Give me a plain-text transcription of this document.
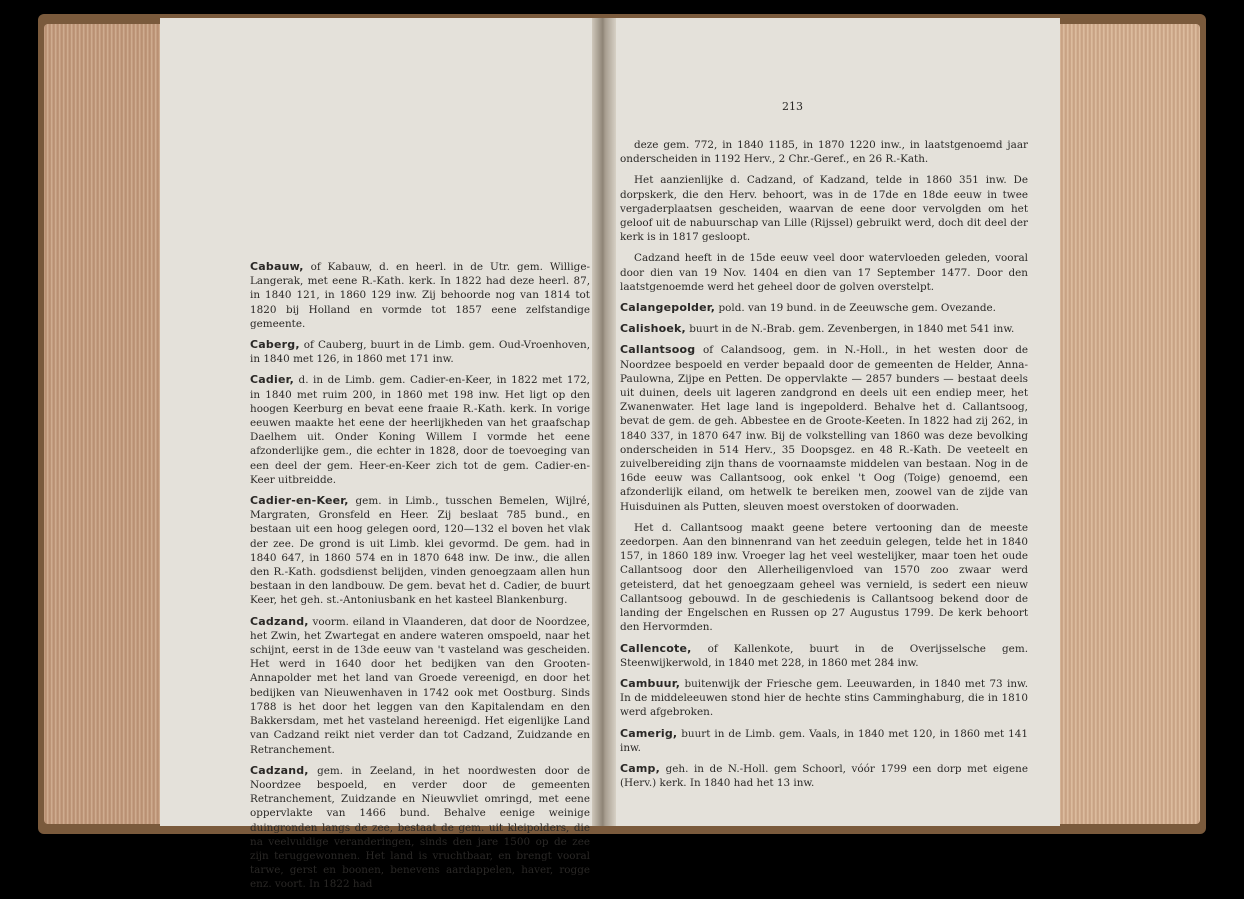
Cabauw, of Kabauw, d. en heerl. in de Utr. gem. Willige-Langerak, met eene R.-Kath. kerk. In 1822 had deze heerl. 87, in 1840 121, in 1860 129 inw. Zij behoorde nog van 1814 tot 1820 bij Holland en vormde tot 1857 eene zelfstandige gemeente.

Caberg, of Cauberg, buurt in de Limb. gem. Oud-Vroenhoven, in 1840 met 126, in 1860 met 171 inw.

Cadier, d. in de Limb. gem. Cadier-en-Keer, in 1822 met 172, in 1840 met ruim 200, in 1860 met 198 inw. Het ligt op den hoogen Keerburg en bevat eene fraaie R.-Kath. kerk. In vorige eeuwen maakte het eene der heerlijkheden van het graafschap Daelhem uit. Onder Koning Willem I vormde het eene afzonderlijke gem., die echter in 1828, door de toevoeging van een deel der gem. Heer-en-Keer zich tot de gem. Cadier-en-Keer uitbreidde.

Cadier-en-Keer, gem. in Limb., tusschen Bemelen, Wijlré, Margraten, Gronsfeld en Heer. Zij beslaat 785 bund., en bestaan uit een hoog gelegen oord, 120—132 el boven het vlak der zee. De grond is uit Limb. klei gevormd. De gem. had in 1840 647, in 1860 574 en in 1870 648 inw. De inw., die allen den R.-Kath. godsdienst belijden, vinden genoegzaam allen hun bestaan in den landbouw. De gem. bevat het d. Cadier, de buurt Keer, het geh. st.-Antoniusbank en het kasteel Blankenburg.

Cadzand, voorm. eiland in Vlaanderen, dat door de Noordzee, het Zwin, het Zwartegat en andere wateren omspoeld, naar het schijnt, eerst in de 13de eeuw van 't vasteland was gescheiden. Het werd in 1640 door het bedijken van den Grooten-Annapolder met het land van Groede vereenigd, en door het bedijken van Nieuwenhaven in 1742 ook met Oostburg. Sinds 1788 is het door het leggen van den Kapitalendam en den Bakkersdam, met het vasteland hereenigd. Het eigenlijke Land van Cadzand reikt niet verder dan tot Cadzand, Zuidzande en Retranchement.

Cadzand, gem. in Zeeland, in het noordwesten door de Noordzee bespoeld, en verder door de gemeenten Retranchement, Zuidzande en Nieuwvliet omringd, met eene oppervlakte van 1466 bund. Behalve eenige weinige duingronden langs de zee, bestaat de gem. uit kleipolders, die na veelvuldige veranderingen, sinds den jare 1500 op de zee zijn teruggewonnen. Het land is vruchtbaar, en brengt vooral tarwe, gerst en boonen, benevens aardappelen, haver, rogge enz. voort. In 1822 had

213

deze gem. 772, in 1840 1185, in 1870 1220 inw., in laatstgenoemd jaar onderscheiden in 1192 Herv., 2 Chr.-Geref., en 26 R.-Kath.

Het aanzienlijke d. Cadzand, of Kadzand, telde in 1860 351 inw. De dorpskerk, die den Herv. behoort, was in de 17de en 18de eeuw in twee vergaderplaatsen gescheiden, waarvan de eene door vervolgden om het geloof uit de nabuurschap van Lille (Rijssel) gebruikt werd, doch dit deel der kerk is in 1817 gesloopt.

Cadzand heeft in de 15de eeuw veel door watervloeden geleden, vooral door dien van 19 Nov. 1404 en dien van 17 September 1477. Door den laatstgenoemde werd het geheel door de golven overstelpt.

Calangepolder, pold. van 19 bund. in de Zeeuwsche gem. Ovezande.

Calishoek, buurt in de N.-Brab. gem. Zevenbergen, in 1840 met 541 inw.

Callantsoog of Calandsoog, gem. in N.-Holl., in het westen door de Noordzee bespoeld en verder bepaald door de gemeenten de Helder, Anna-Paulowna, Zijpe en Petten. De oppervlakte — 2857 bunders — bestaat deels uit duinen, deels uit lageren zandgrond en deels uit een endiep meer, het Zwanenwater. Het lage land is ingepolderd. Behalve het d. Callantsoog, bevat de gem. de geh. Abbestee en de Groote-Keeten. In 1822 had zij 262, in 1840 337, in 1870 647 inw. Bij de volkstelling van 1860 was deze bevolking onderscheiden in 514 Herv., 35 Doopsgez. en 48 R.-Kath. De veeteelt en zuivelbereiding zijn thans de voornaamste middelen van bestaan. Nog in de 16de eeuw was Callantsoog, ook enkel 't Oog (Toige) genoemd, een afzonderlijk eiland, om hetwelk te bereiken men, zoowel van de zijde van Huisduinen als Putten, sleuven moest overstoken of doorwaden.

Het d. Callantsoog maakt geene betere vertooning dan de meeste zeedorpen. Aan den binnenrand van het zeeduin gelegen, telde het in 1840 157, in 1860 189 inw. Vroeger lag het veel westelijker, maar toen het oude Callantsoog door den Allerheiligenvloed van 1570 zoo zwaar werd geteisterd, dat het genoegzaam geheel was vernield, is sedert een nieuw Callantsoog gebouwd. In de geschiedenis is Callantsoog bekend door de landing der Engelschen en Russen op 27 Augustus 1799. De kerk behoort den Hervormden.

Callencote, of Kallenkote, buurt in de Overijsselsche gem. Steenwijkerwold, in 1840 met 228, in 1860 met 284 inw.

Cambuur, buitenwijk der Friesche gem. Leeuwarden, in 1840 met 73 inw. In de middeleeuwen stond hier de hechte stins Camminghaburg, die in 1810 werd afgebroken.

Camerig, buurt in de Limb. gem. Vaals, in 1840 met 120, in 1860 met 141 inw.

Camp, geh. in de N.-Holl. gem Schoorl, vóór 1799 een dorp met eigene (Herv.) kerk. In 1840 had het 13 inw.
